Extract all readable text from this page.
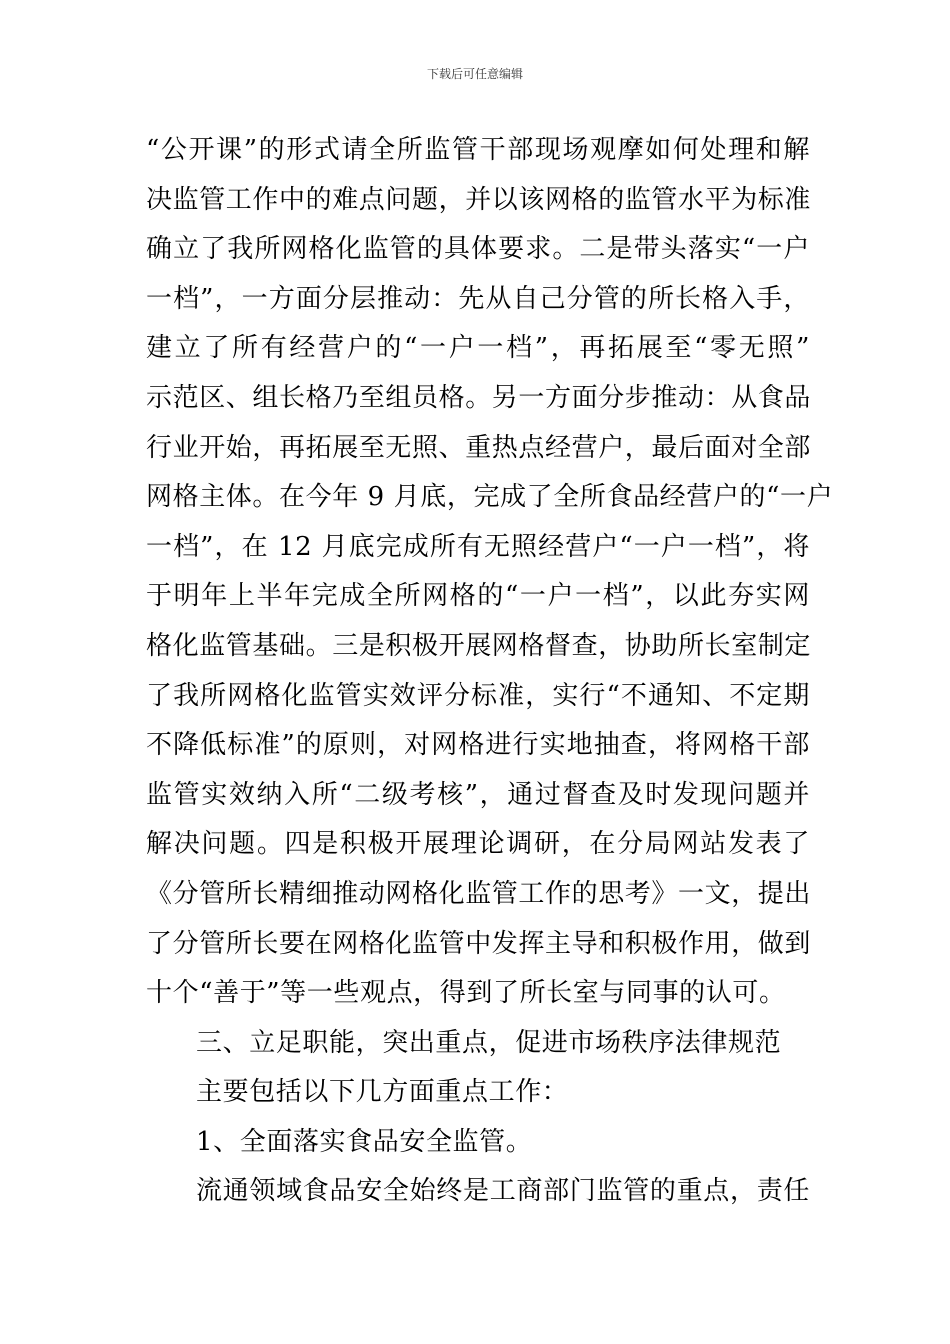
下载后可任意编辑
“公开课”的形式请全所监管干部现场观摩如何处理和解
决监管工作中的难点问题，并以该网格的监管水平为标准
确立了我所网格化监管的具体要求。二是带头落实“一户
一档”，一方面分层推动：先从自己分管的所长格入手，
建立了所有经营户的“一户一档”，再拓展至“零无照”
示范区、组长格乃至组员格。另一方面分步推动：从食品
行业开始，再拓展至无照、重热点经营户，最后面对全部
网格主体。在今年 9 月底，完成了全所食品经营户的“一户
一档”，在 12 月底完成所有无照经营户“一户一档”，将
于明年上半年完成全所网格的“一户一档”，以此夯实网
格化监管基础。三是积极开展网格督查，协助所长室制定
了我所网格化监管实效评分标准，实行“不通知、不定期
不降低标准”的原则，对网格进行实地抽查，将网格干部
监管实效纳入所“二级考核”，通过督查及时发现问题并
解决问题。四是积极开展理论调研，在分局网站发表了
《分管所长精细推动网格化监管工作的思考》一文，提出
了分管所长要在网格化监管中发挥主导和积极作用，做到
十个“善于”等一些观点，得到了所长室与同事的认可。
三、立足职能，突出重点，促进市场秩序法律规范
主要包括以下几方面重点工作：
1、全面落实食品安全监管。
流通领域食品安全始终是工商部门监管的重点，责任
